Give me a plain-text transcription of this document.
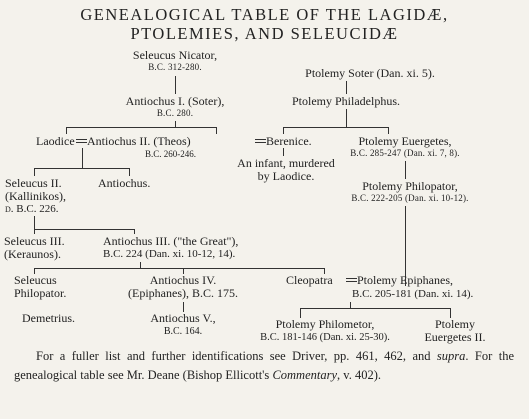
GENEALOGICAL TABLE OF THE LAGIDÆ,
PTOLEMIES, AND SELEUCIDÆ
Seleucus Nicator,
B.C. 312-280.
Antiochus I. (Soter),
B.C. 280.
Laodice Antiochus II. (Theos)
B.C. 260-246.
Berenice.
Ptolemy Soter (Dan. xi. 5).
Ptolemy Philadelphus.
Ptolemy Euergetes,
B.C. 285-247 (Dan. xi. 7, 8).
An infant, murdered
by Laodice.
Seleucus II.
(Kallinikos),
d. B.C. 226.
Antiochus.	Ptolemy Philopator,
B.C. 222-205 (Dan. xi. 10-12).
Seleucus III.
(Keraunos).
Antiochus III. ("the Great"),
B.C. 224 (Dan. xi. 10-12, 14).
Seleucus
Philopator.
Antiochus IV.
(Epiphanes), B.C. 175.
Cleopatra Ptolemy Epiphanes,
B.C. 205-181 (Dan. xi. 14).
Demetrius.	Antiochus V.,
B.C. 164.
Ptolemy Philometor,
B.C. 181-146 (Dan. xi. 25-30).
Ptolemy
Euergetes II.
For a fuller list and further identifications see Driver, pp. 461, 462, and supra. For the genealogical table see Mr. Deane (Bishop Ellicott's Commentary, v. 402).
